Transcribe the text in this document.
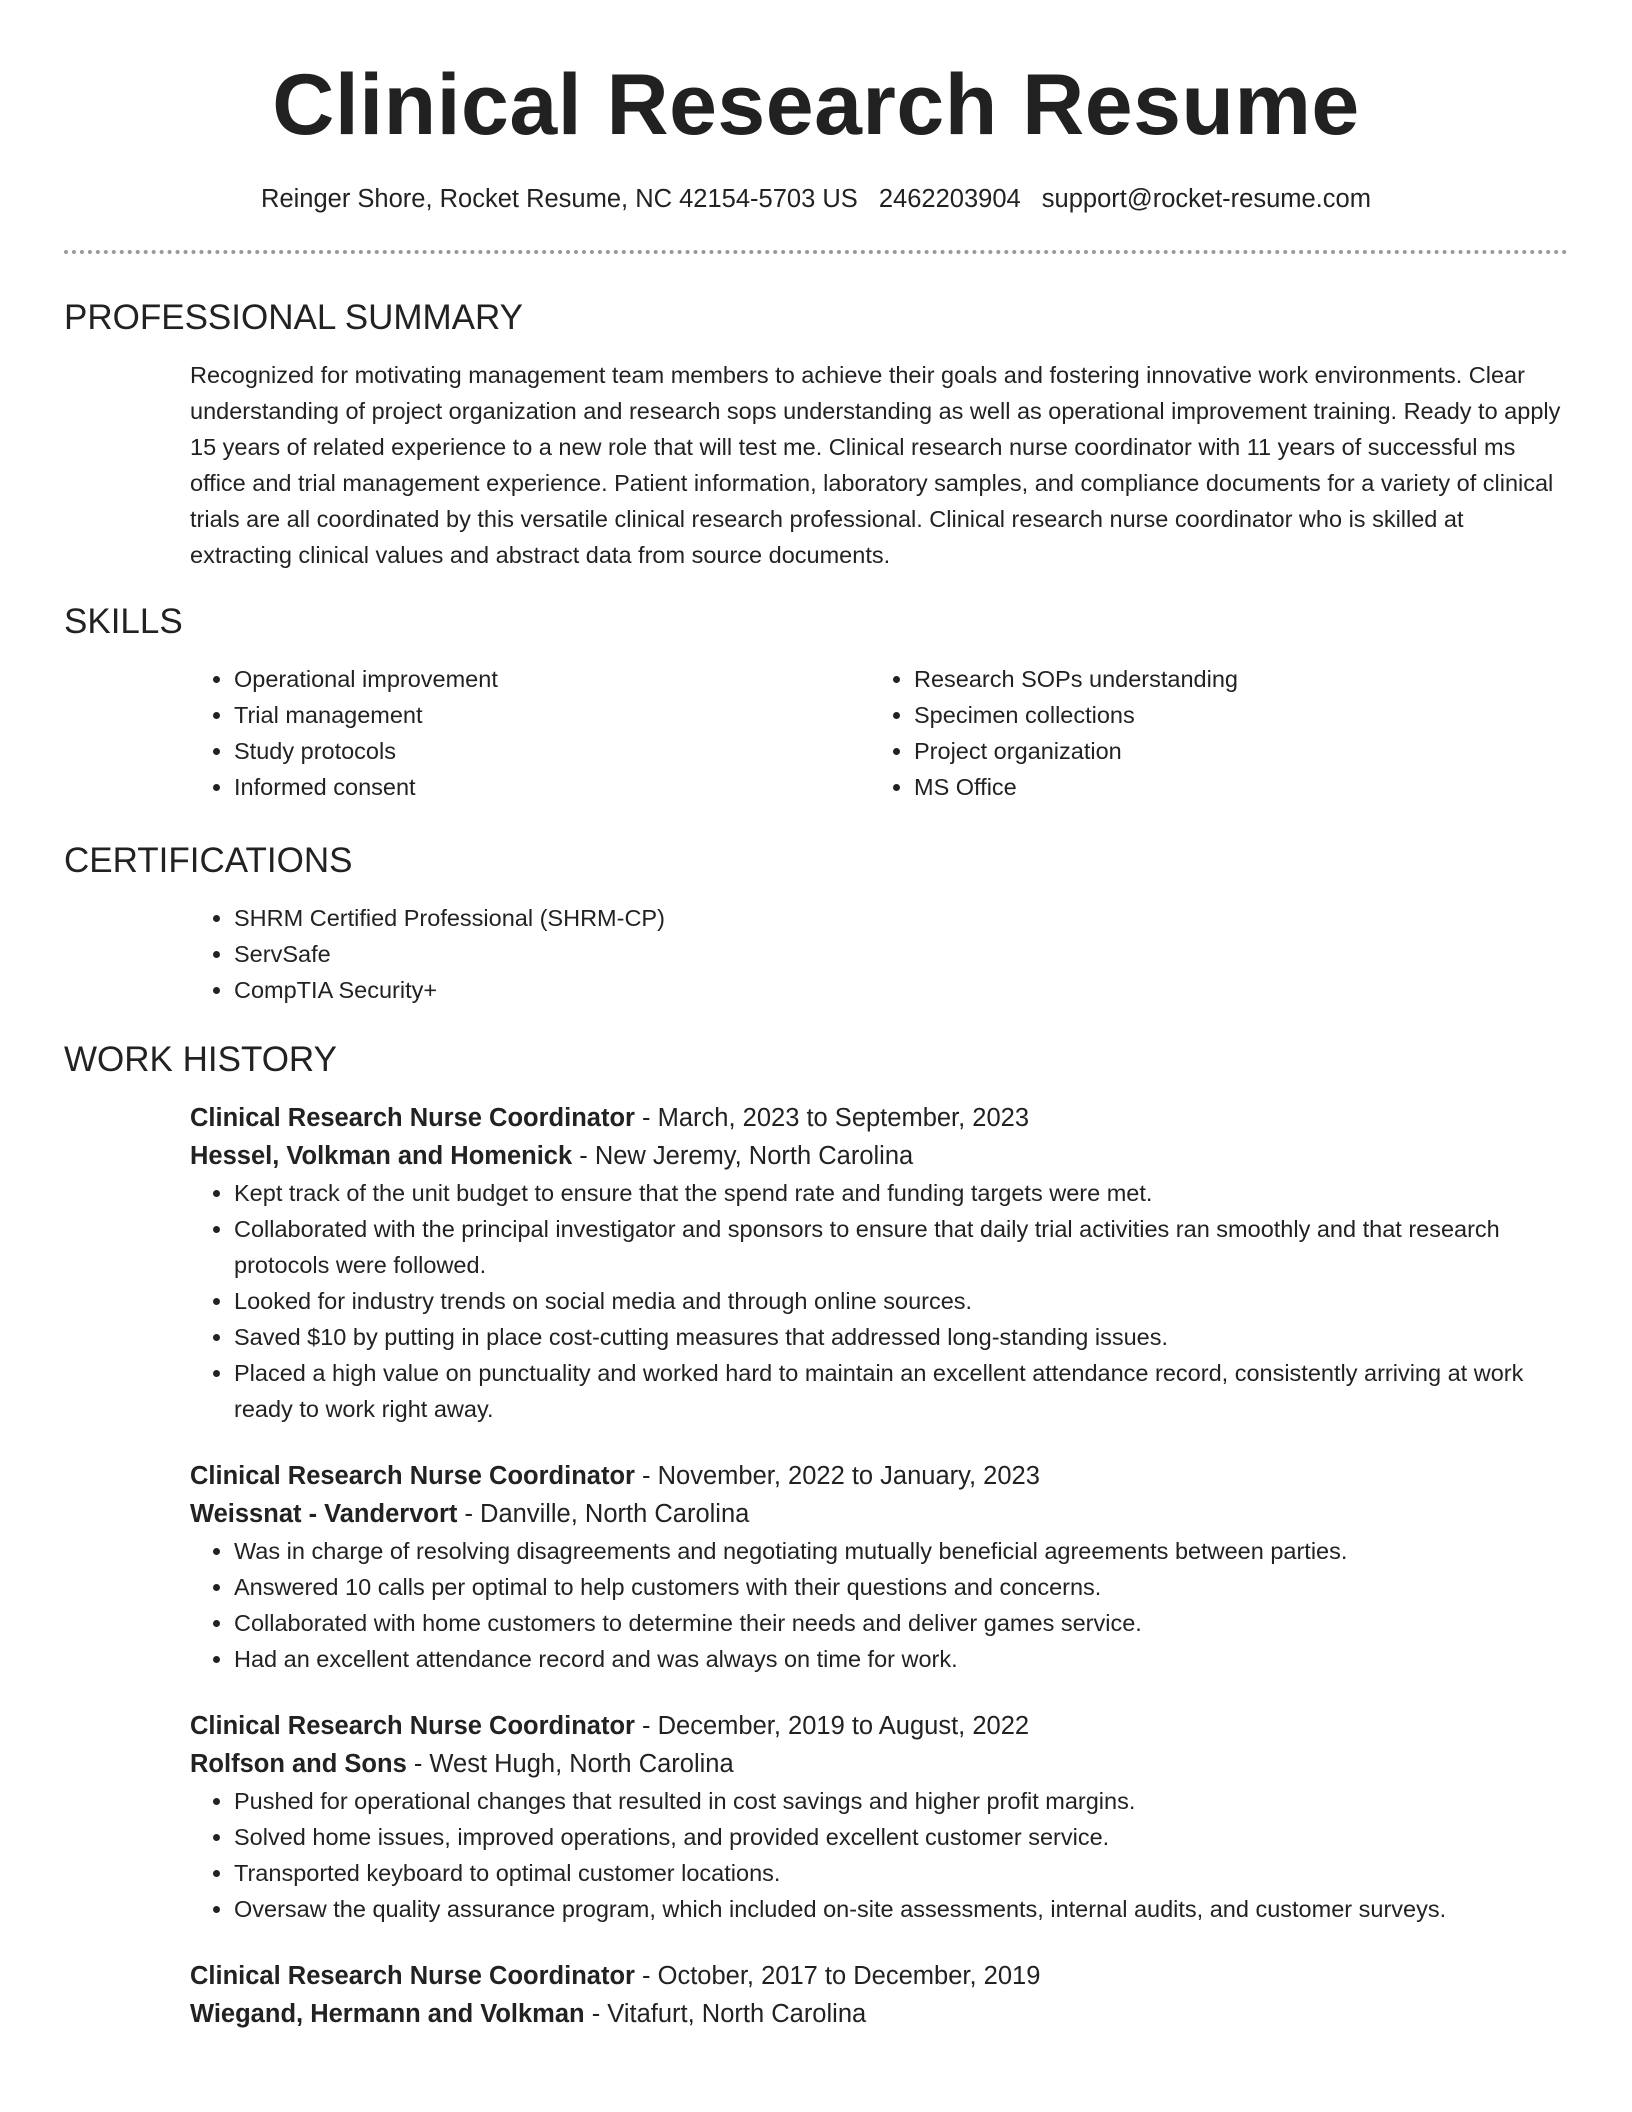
Clinical Research Resume
Reinger Shore, Rocket Resume, NC 42154-5703 US 2462203904 support@rocket-resume.com
PROFESSIONAL SUMMARY
Recognized for motivating management team members to achieve their goals and fostering innovative work environments. Clear understanding of project organization and research sops understanding as well as operational improvement training. Ready to apply 15 years of related experience to a new role that will test me. Clinical research nurse coordinator with 11 years of successful ms office and trial management experience. Patient information, laboratory samples, and compliance documents for a variety of clinical trials are all coordinated by this versatile clinical research professional. Clinical research nurse coordinator who is skilled at extracting clinical values and abstract data from source documents.
SKILLS
• Operational improvement
• Trial management
• Study protocols
• Informed consent
• Research SOPs understanding
• Specimen collections
• Project organization
• MS Office
CERTIFICATIONS
• SHRM Certified Professional (SHRM-CP)
• ServSafe
• CompTIA Security+
WORK HISTORY
Clinical Research Nurse Coordinator - March, 2023 to September, 2023
Hessel, Volkman and Homenick - New Jeremy, North Carolina
• Kept track of the unit budget to ensure that the spend rate and funding targets were met.
• Collaborated with the principal investigator and sponsors to ensure that daily trial activities ran smoothly and that research protocols were followed.
• Looked for industry trends on social media and through online sources.
• Saved $10 by putting in place cost-cutting measures that addressed long-standing issues.
• Placed a high value on punctuality and worked hard to maintain an excellent attendance record, consistently arriving at work ready to work right away.
Clinical Research Nurse Coordinator - November, 2022 to January, 2023
Weissnat - Vandervort - Danville, North Carolina
• Was in charge of resolving disagreements and negotiating mutually beneficial agreements between parties.
• Answered 10 calls per optimal to help customers with their questions and concerns.
• Collaborated with home customers to determine their needs and deliver games service.
• Had an excellent attendance record and was always on time for work.
Clinical Research Nurse Coordinator - December, 2019 to August, 2022
Rolfson and Sons - West Hugh, North Carolina
• Pushed for operational changes that resulted in cost savings and higher profit margins.
• Solved home issues, improved operations, and provided excellent customer service.
• Transported keyboard to optimal customer locations.
• Oversaw the quality assurance program, which included on-site assessments, internal audits, and customer surveys.
Clinical Research Nurse Coordinator - October, 2017 to December, 2019
Wiegand, Hermann and Volkman - Vitafurt, North Carolina
